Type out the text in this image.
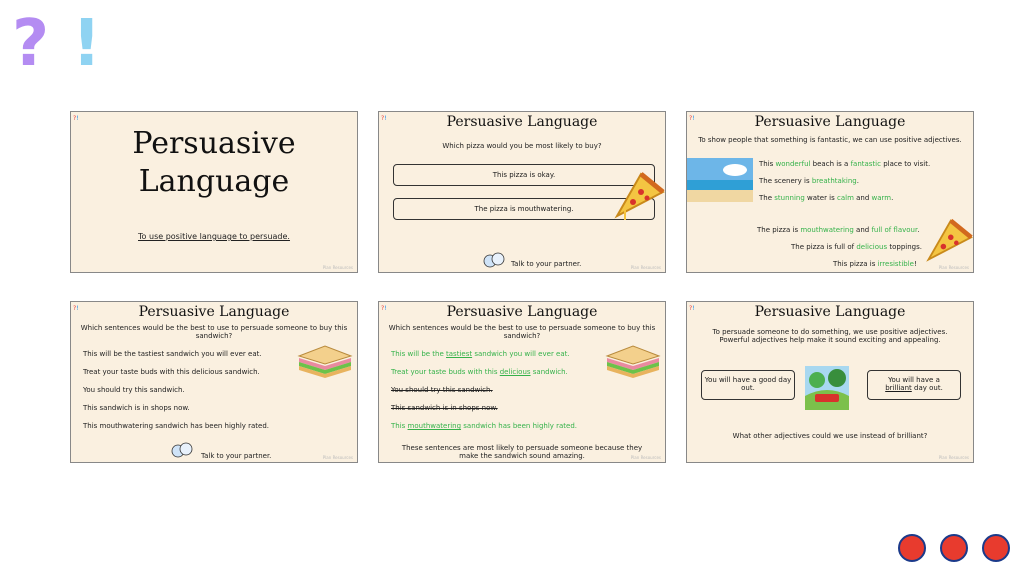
? !
?!
Persuasive
Language
To use positive language to persuade.
Plan Resources
?!	Persuasive Language
Which pizza would you be most likely to buy?
This pizza is okay.
The pizza is mouthwatering.
Talk to your partner.	Plan Resources
?!	Persuasive Language
To show people that something is fantastic, we can use positive adjectives.
This wonderful beach is a fantastic place to visit.
The scenery is breathtaking.
The stunning water is calm and warm.
The pizza is mouthwatering and full of flavour.
The pizza is full of delicious toppings.
This pizza is irresistible!	Plan Resources
?!	Persuasive Language
Which sentences would be the best to use to persuade someone to buy this sandwich?
This will be the tastiest sandwich you will ever eat.
Treat your taste buds with this delicious sandwich.
You should try this sandwich.
This sandwich is in shops now.
This mouthwatering sandwich has been highly rated.
Talk to your partner.	Plan Resources
?!	Persuasive Language
Which sentences would be the best to use to persuade someone to buy this sandwich?
This will be the tastiest sandwich you will ever eat.
Treat your taste buds with this delicious sandwich.
You should try this sandwich.
This sandwich is in shops now.
This mouthwatering sandwich has been highly rated.
These sentences are most likely to persuade someone because they make the sandwich sound amazing.	Plan Resources
?!	Persuasive Language
To persuade someone to do something, we use positive adjectives. Powerful adjectives help make it sound exciting and appealing.
You will have a good day out.
You will have a
brilliant day out.
What other adjectives could we use instead of brilliant?
Plan Resources
